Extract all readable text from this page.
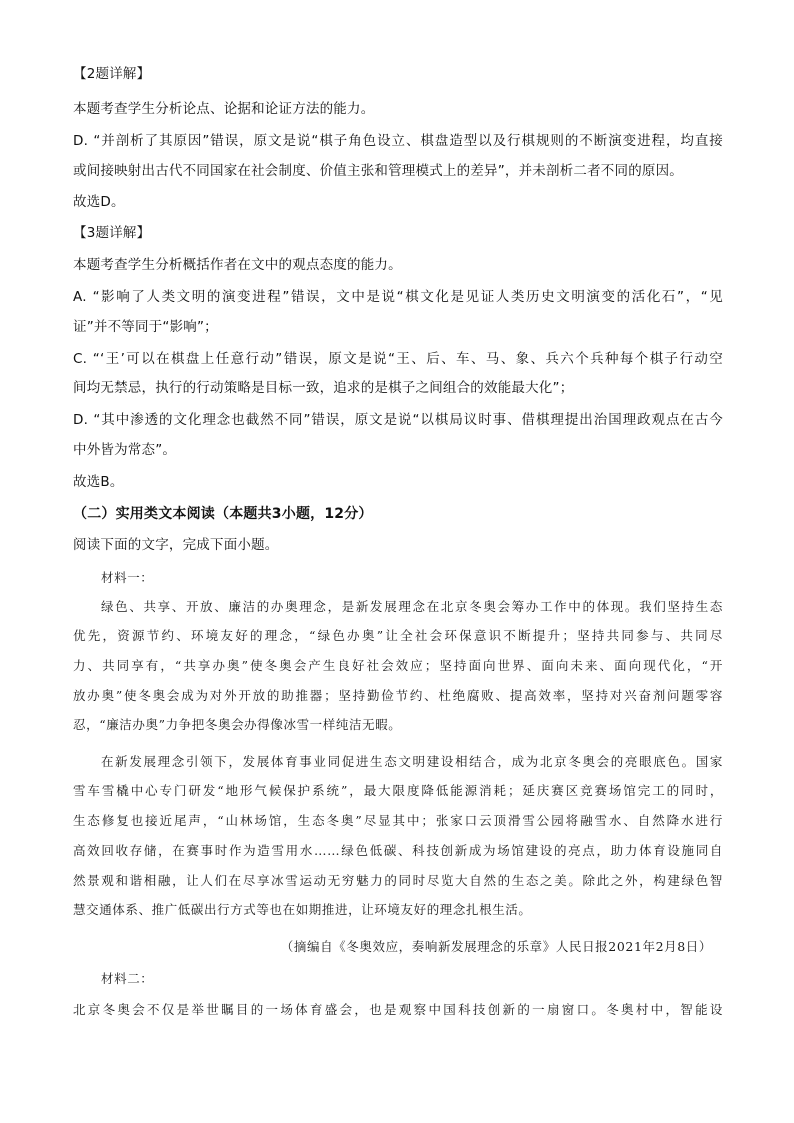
【2题详解】
本题考查学生分析论点、论据和论证方法的能力。
D. “并剖析了其原因”错误，原文是说“棋子角色设立、棋盘造型以及行棋规则的不断演变进程，均直接
或间接映射出古代不同国家在社会制度、价值主张和管理模式上的差异”，并未剖析二者不同的原因。
故选D。
【3题详解】
本题考查学生分析概括作者在文中的观点态度的能力。
A. “影响了人类文明的演变进程”错误，文中是说“棋文化是见证人类历史文明演变的活化石”，“见
证”并不等同于“影响”；
C. “‘王’可以在棋盘上任意行动”错误，原文是说“王、后、车、马、象、兵六个兵种每个棋子行动空
间均无禁忌，执行的行动策略是目标一致，追求的是棋子之间组合的效能最大化”；
D. “其中渗透的文化理念也截然不同”错误，原文是说“以棋局议时事、借棋理提出治国理政观点在古今
中外皆为常态”。
故选B。
（二）实用类文本阅读（本题共3小题，12分）
阅读下面的文字，完成下面小题。
材料一：
绿色、共享、开放、廉洁的办奥理念，是新发展理念在北京冬奥会筹办工作中的体现。我们坚持生态
优先，资源节约、环境友好的理念，“绿色办奥”让全社会环保意识不断提升；坚持共同参与、共同尽
力、共同享有，“共享办奥”使冬奥会产生良好社会效应；坚持面向世界、面向未来、面向现代化，“开
放办奥”使冬奥会成为对外开放的助推器；坚持勤俭节约、杜绝腐败、提高效率，坚持对兴奋剂问题零容
忍，“廉洁办奥”力争把冬奥会办得像冰雪一样纯洁无暇。
在新发展理念引领下，发展体育事业同促进生态文明建设相结合，成为北京冬奥会的亮眼底色。国家
雪车雪橇中心专门研发“地形气候保护系统”，最大限度降低能源消耗；延庆赛区竞赛场馆完工的同时，
生态修复也接近尾声，“山林场馆，生态冬奥”尽显其中；张家口云顶滑雪公园将融雪水、自然降水进行
高效回收存储，在赛事时作为造雪用水……绿色低碳、科技创新成为场馆建设的亮点，助力体育设施同自
然景观和谐相融，让人们在尽享冰雪运动无穷魅力的同时尽览大自然的生态之美。除此之外，构建绿色智
慧交通体系、推广低碳出行方式等也在如期推进，让环境友好的理念扎根生活。
（摘编自《冬奥效应，奏响新发展理念的乐章》人民日报2021年2月8日）
材料二：
北京冬奥会不仅是举世瞩目的一场体育盛会，也是观察中国科技创新的一扇窗口。冬奥村中，智能设
